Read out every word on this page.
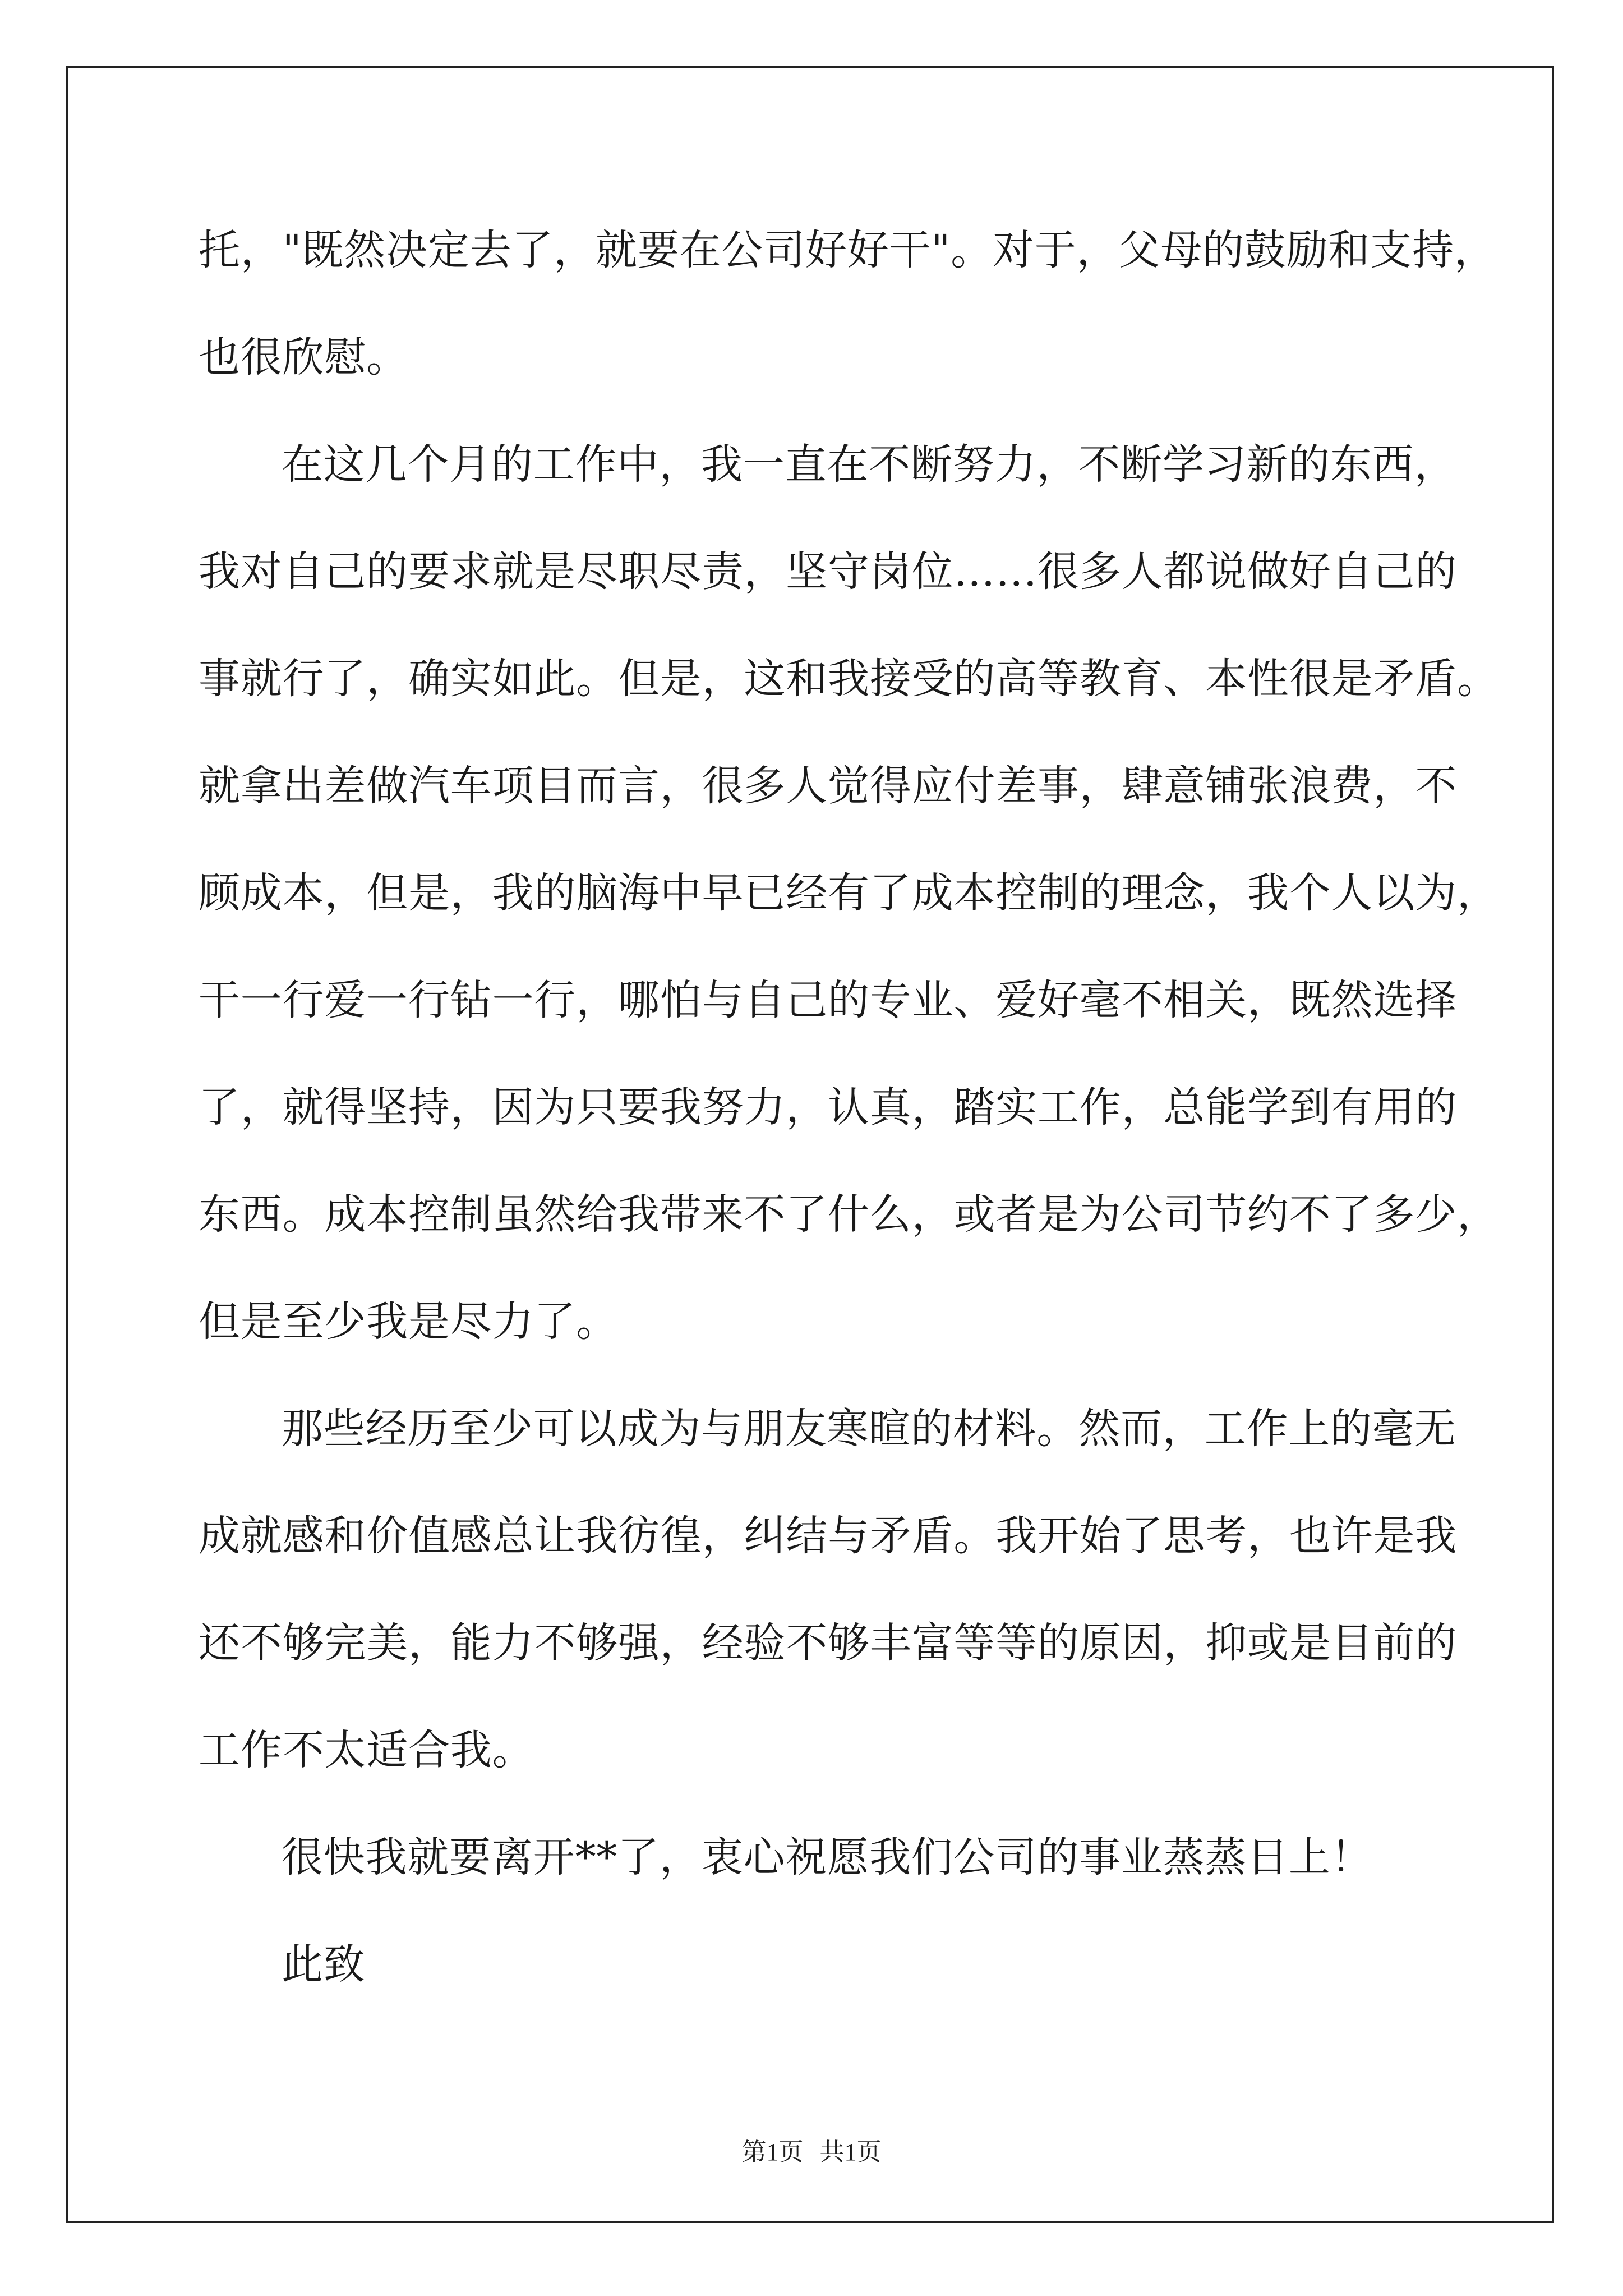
托，"既然决定去了，就要在公司好好干"。对于，父母的鼓励和支持，

也很欣慰。

在这几个月的工作中，我一直在不断努力，不断学习新的东西，

我对自己的要求就是尽职尽责，坚守岗位……很多人都说做好自己的

事就行了，确实如此。但是，这和我接受的高等教育、本性很是矛盾。

就拿出差做汽车项目而言，很多人觉得应付差事，肆意铺张浪费，不

顾成本，但是，我的脑海中早已经有了成本控制的理念，我个人以为，

干一行爱一行钻一行，哪怕与自己的专业、爱好毫不相关，既然选择

了，就得坚持，因为只要我努力，认真，踏实工作，总能学到有用的

东西。成本控制虽然给我带来不了什么，或者是为公司节约不了多少，

但是至少我是尽力了。

那些经历至少可以成为与朋友寒暄的材料。然而，工作上的毫无

成就感和价值感总让我彷徨，纠结与矛盾。我开始了思考，也许是我

还不够完美，能力不够强，经验不够丰富等等的原因，抑或是目前的

工作不太适合我。

很快我就要离开**了，衷心祝愿我们公司的事业蒸蒸日上！

此致

第1页 共1页
